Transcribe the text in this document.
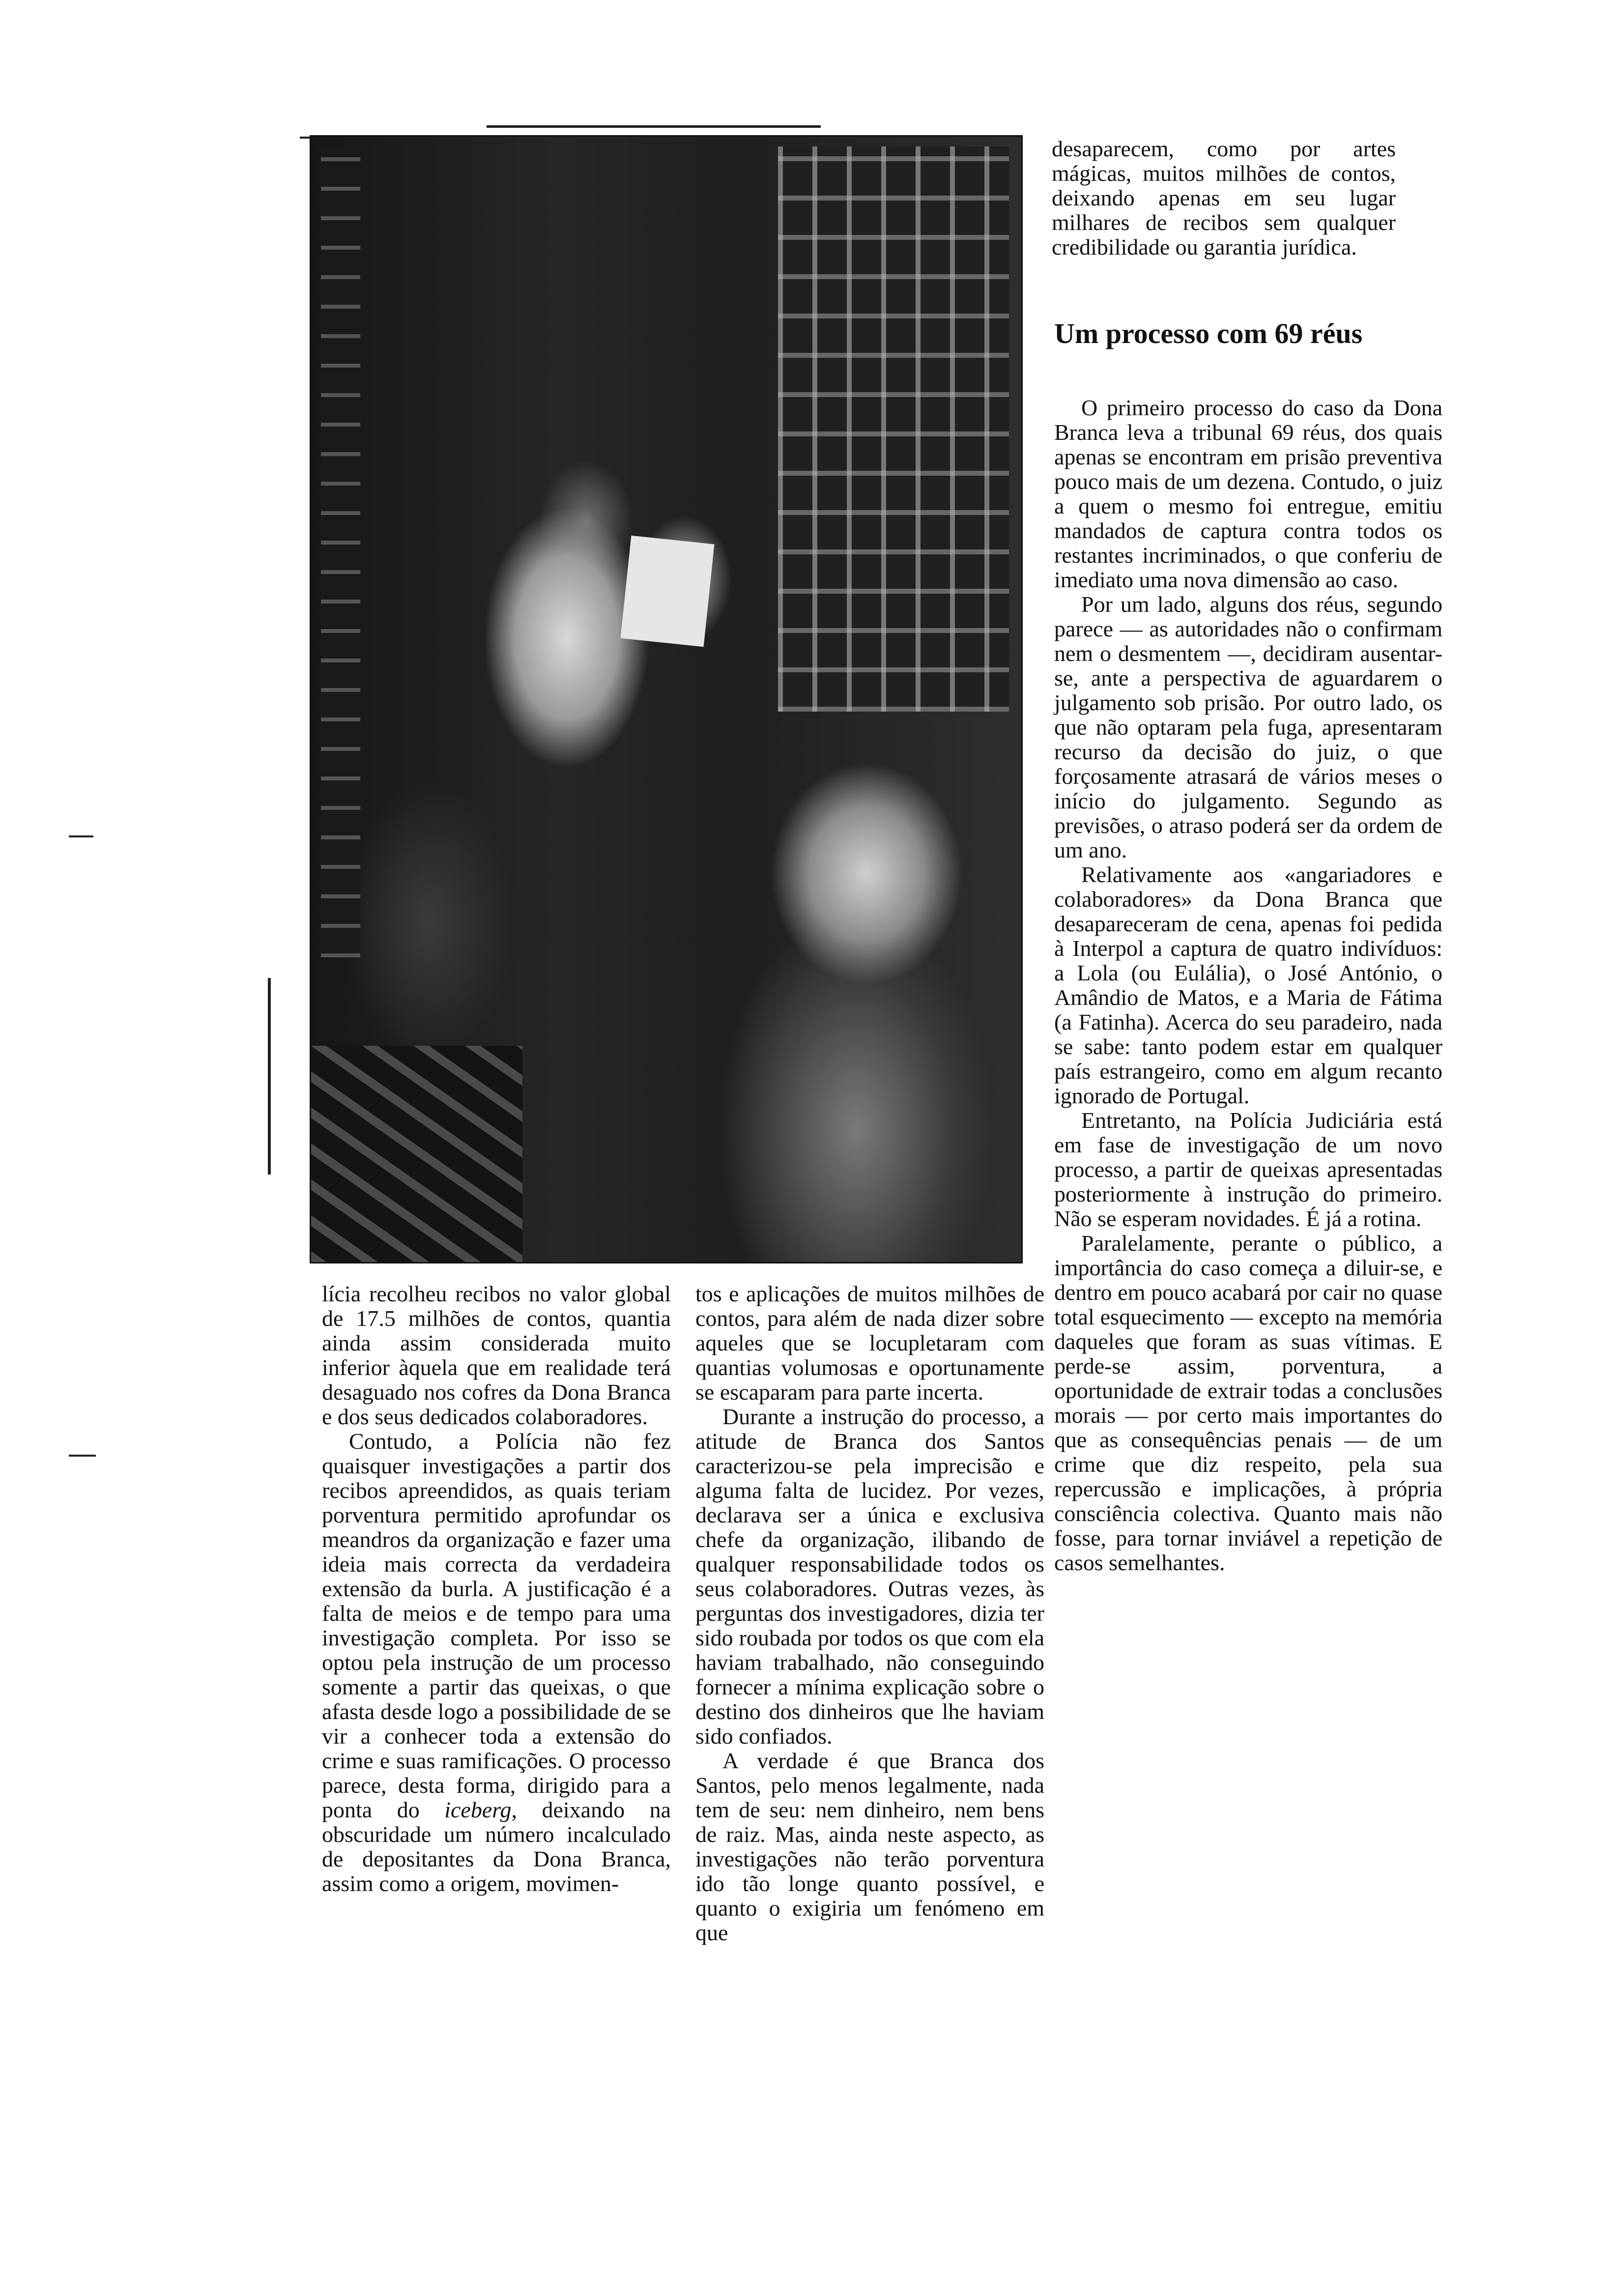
desaparecem, como por artes mágicas, muitos milhões de contos, deixando apenas em seu lugar milhares de recibos sem qualquer credibilidade ou garantia jurídica.

Um processo com 69 réus

O primeiro processo do caso da Dona Branca leva a tribunal 69 réus, dos quais apenas se encontram em prisão preventiva pouco mais de um dezena. Contudo, o juiz a quem o mesmo foi entregue, emitiu mandados de captura contra todos os restantes incriminados, o que conferiu de imediato uma nova dimensão ao caso.

Por um lado, alguns dos réus, segundo parece — as autoridades não o confirmam nem o desmentem —, decidiram ausentar-se, ante a perspectiva de aguardarem o julgamento sob prisão. Por outro lado, os que não optaram pela fuga, apresentaram recurso da decisão do juiz, o que forçosamente atrasará de vários meses o início do julgamento. Segundo as previsões, o atraso poderá ser da ordem de um ano.

Relativamente aos «angariadores e colaboradores» da Dona Branca que desapareceram de cena, apenas foi pedida à Interpol a captura de quatro indivíduos: a Lola (ou Eulália), o José António, o Amândio de Matos, e a Maria de Fátima (a Fatinha). Acerca do seu paradeiro, nada se sabe: tanto podem estar em qualquer país estrangeiro, como em algum recanto ignorado de Portugal.

Entretanto, na Polícia Judiciária está em fase de investigação de um novo processo, a partir de queixas apresentadas posteriormente à instrução do primeiro. Não se esperam novidades. É já a rotina.

Paralelamente, perante o público, a importância do caso começa a diluir-se, e dentro em pouco acabará por cair no quase total esquecimento — excepto na memória daqueles que foram as suas vítimas. E perde-se assim, porventura, a oportunidade de extrair todas a conclusões morais — por certo mais importantes do que as consequências penais — de um crime que diz respeito, pela sua repercussão e implicações, à própria consciência colectiva. Quanto mais não fosse, para tornar inviável a repetição de casos semelhantes.

lícia recolheu recibos no valor global de 17.5 milhões de contos, quantia ainda assim considerada muito inferior àquela que em realidade terá desaguado nos cofres da Dona Branca e dos seus dedicados colaboradores.

Contudo, a Polícia não fez quaisquer investigações a partir dos recibos apreendidos, as quais teriam porventura permitido aprofundar os meandros da organização e fazer uma ideia mais correcta da verdadeira extensão da burla. A justificação é a falta de meios e de tempo para uma investigação completa. Por isso se optou pela instrução de um processo somente a partir das queixas, o que afasta desde logo a possibilidade de se vir a conhecer toda a extensão do crime e suas ramificações. O processo parece, desta forma, dirigido para a ponta do iceberg, deixando na obscuridade um número incalculado de depositantes da Dona Branca, assim como a origem, movimen-

tos e aplicações de muitos milhões de contos, para além de nada dizer sobre aqueles que se locupletaram com quantias volumosas e oportunamente se escaparam para parte incerta.

Durante a instrução do processo, a atitude de Branca dos Santos caracterizou-se pela imprecisão e alguma falta de lucidez. Por vezes, declarava ser a única e exclusiva chefe da organização, ilibando de qualquer responsabilidade todos os seus colaboradores. Outras vezes, às perguntas dos investigadores, dizia ter sido roubada por todos os que com ela haviam trabalhado, não conseguindo fornecer a mínima explicação sobre o destino dos dinheiros que lhe haviam sido confiados.

A verdade é que Branca dos Santos, pelo menos legalmente, nada tem de seu: nem dinheiro, nem bens de raiz. Mas, ainda neste aspecto, as investigações não terão porventura ido tão longe quanto possível, e quanto o exigiria um fenómeno em que
